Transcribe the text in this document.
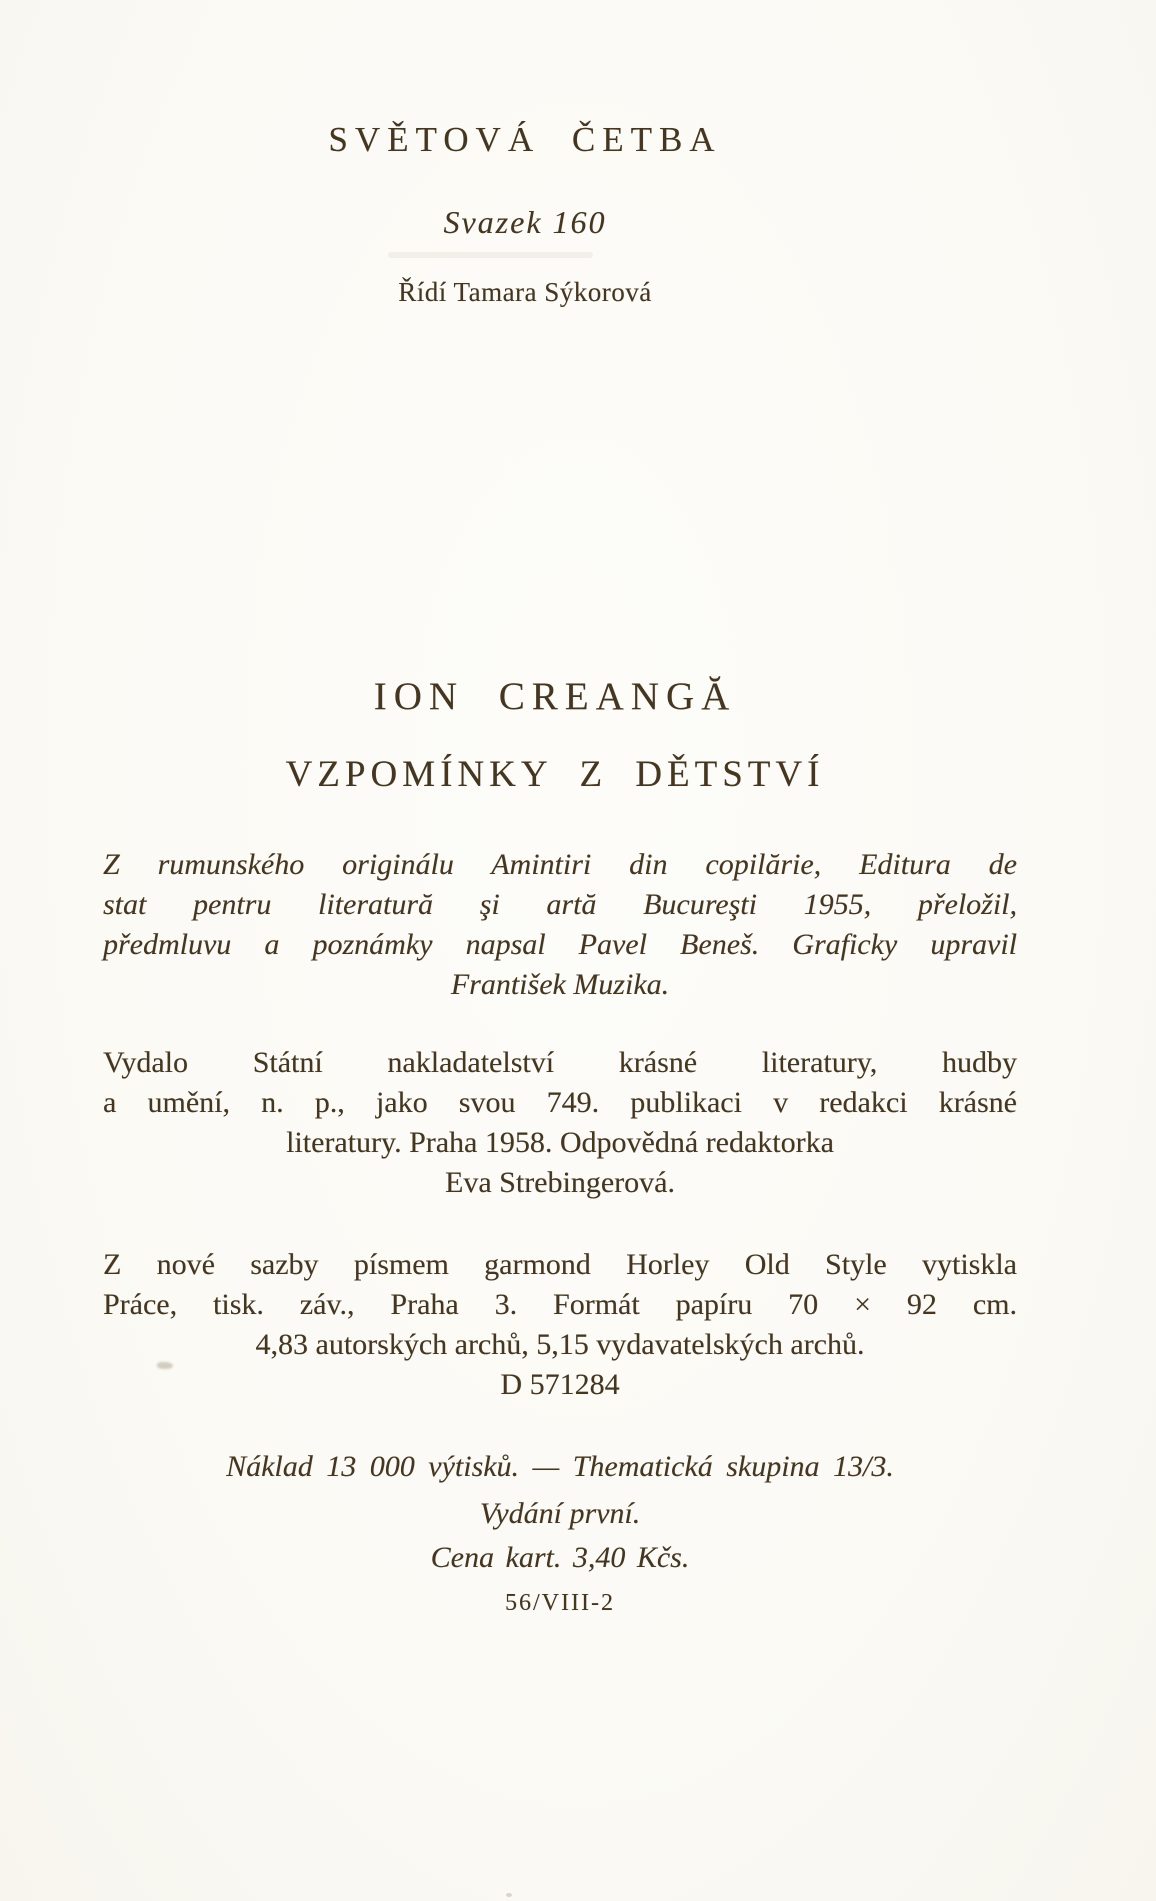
SVĚTOVÁ ČETBA
Svazek 160
Řídí Tamara Sýkorová
ION CREANGĂ
VZPOMÍNKY Z DĚTSTVÍ
Z rumunského originálu Amintiri din copilărie, Editura de
stat pentru literatură şi artă Bucureşti 1955, přeložil,
předmluvu a poznámky napsal Pavel Beneš. Graficky upravil
František Muzika.
Vydalo Státní nakladatelství krásné literatury, hudby
a umění, n. p., jako svou 749. publikaci v redakci krásné
literatury. Praha 1958. Odpovědná redaktorka
Eva Strebingerová.
Z nové sazby písmem garmond Horley Old Style vytiskla
Práce, tisk. záv., Praha 3. Formát papíru 70 × 92 cm.
4,83 autorských archů, 5,15 vydavatelských archů.
D 571284
Náklad 13 000 výtisků. — Thematická skupina 13/3.
Vydání první.
Cena kart. 3,40 Kčs.
56/VIII-2
